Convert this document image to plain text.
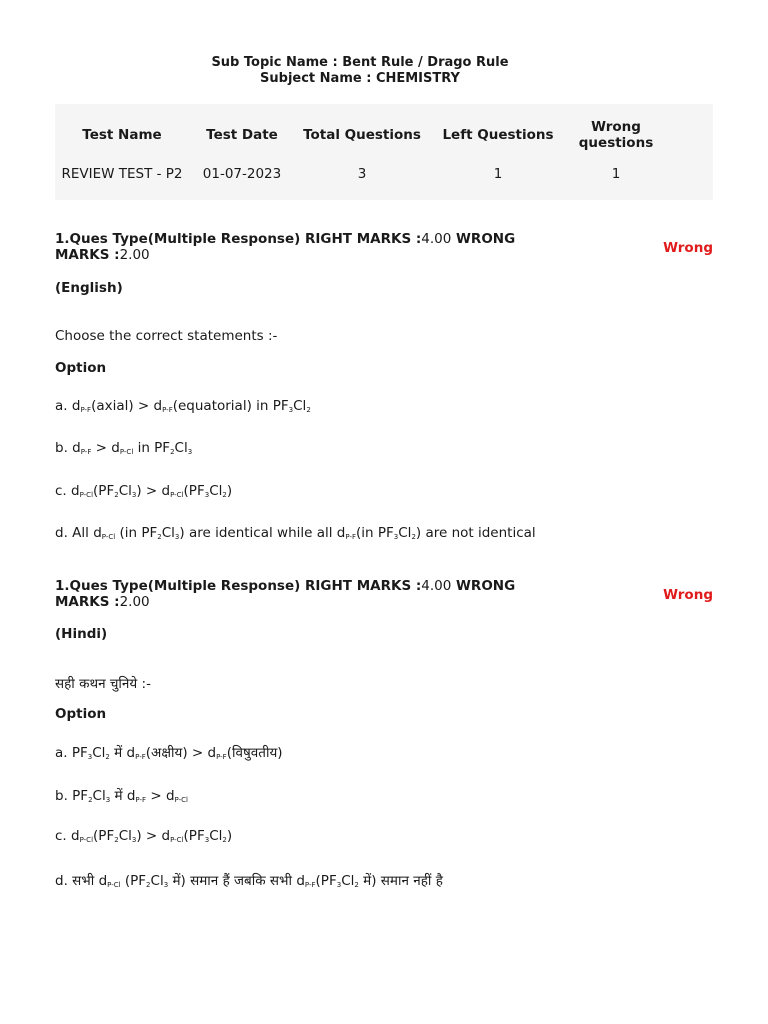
Sub Topic Name : Bent Rule / Drago Rule
Subject Name : CHEMISTRY
Test Name	Test Date	Total Questions	Left Questions	Wrong questions
REVIEW TEST - P2	01-07-2023	3	1	1
1.Ques Type(Multiple Response) RIGHT MARKS :4.00 WRONG MARKS :2.00	Wrong
(English)
Choose the correct statements :-
Option
a. $d_{P-F}(axial)$ > $d_{P-F}(equatorial)$ in $PF_3Cl_2$
b. $d_{P-F} > d_{P-Cl}$ in $PF_2Cl_3$
c. $d_{P-Cl}(PF_2Cl_3) > d_{P-Cl}(PF_3Cl_2)$
d. All $d_{P-Cl}$ (in $PF_2Cl_3$) are identical while all $d_{P-F}(in$ $PF_3Cl_2$) are not identical
1.Ques Type(Multiple Response) RIGHT MARKS :4.00 WRONG MARKS :2.00	Wrong
(Hindi)
सही कथन चुनिये :-
Option
a. $PF_3Cl_2$ में $d_{P-F}(अक्षीय)$ > $d_{P-F}(विषुवतीय)$
b. $PF_2Cl_3$ में $d_{P-F} > d_{P-Cl}$
c. $d_{P-Cl}(PF_2Cl_3) > d_{P-Cl}(PF_3Cl_2)$
d. सभी $d_{P-Cl}$ ($PF_2Cl_3$ में) समान हैं जबकि सभी $d_{P-F}(PF_3Cl_2$ में) समान नहीं है
